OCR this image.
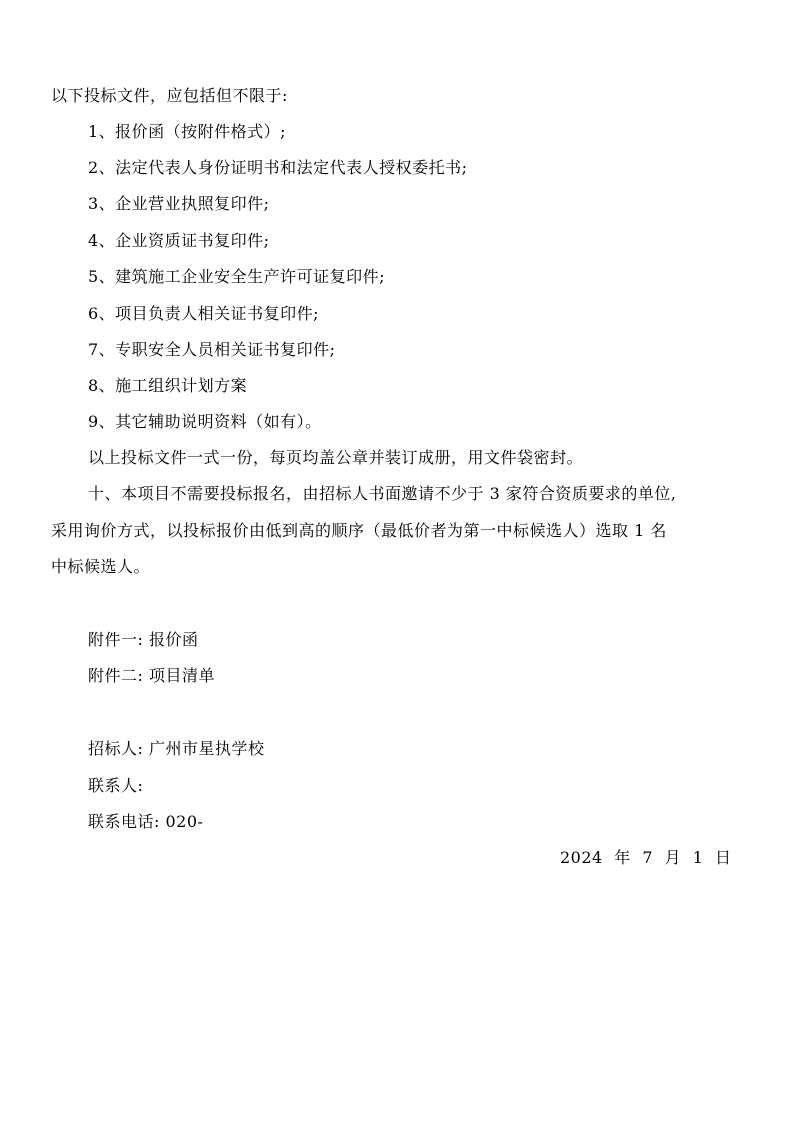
以下投标文件，应包括但不限于:
1、报价函（按附件格式）;
2、法定代表人身份证明书和法定代表人授权委托书;
3、企业营业执照复印件;
4、企业资质证书复印件;
5、建筑施工企业安全生产许可证复印件;
6、项目负责人相关证书复印件;
7、专职安全人员相关证书复印件;
8、施工组织计划方案
9、其它辅助说明资料（如有）。
以上投标文件一式一份，每页均盖公章并装订成册，用文件袋密封。
十、本项目不需要投标报名，由招标人书面邀请不少于 3 家符合资质要求的单位,
采用询价方式，以投标报价由低到高的顺序（最低价者为第一中标候选人）选取 1 名
中标候选人。
附件一: 报价函
附件二: 项目清单
招标人: 广州市星执学校
联系人:
联系电话: 020-
2024 年 7 月 1 日
